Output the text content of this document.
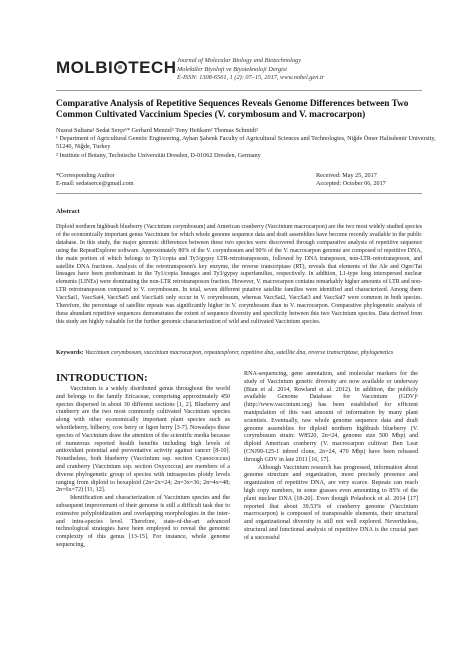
MOLBI TECH Journal of Molecular Biology and Biotechnology
Moleküler Biyoloji ve Biyoteknoloji Dergisi
E-ISSN: 1308-6561, 1 (2): 07–15, 2017, www.nobel.gen.tr
Comparative Analysis of Repetitive Sequences Reveals Genome Differences between Two Common Cultivated Vaccinium Species (V. corymbosum and V. macrocarpon)
Nusrat Sultana¹ Sedat Serçe¹* Gerhard Menzel² Tony Heitkam² Thomas Schmidt²
¹ Department of Agricultural Genetic Engineering, Ayhan Şahenk Faculty of Agricultural Sciences and Technologies, Niğde Ömer Halisdemir University, 51240, Niğde, Turkey
² Institute of Botany, Technische Universität Dresden, D-01062 Dresden, Germany
*Corresponding Author
E-mail: sedatserce@gmail.com
Received: May 25, 2017
Accepted: October 06, 2017
Abstract
Diploid northern highbush blueberry (Vaccinium corymbosum) and American cranberry (Vaccinium macrocarpon) are the two most widely studied species of the economically important genus Vaccinium for which whole genome sequence data and draft assemblies have become recently available in the public database. In this study, the major genomic differences between these two species were discovered through comparative analysis of repetitive sequence using the RepeatExplorer software. Approximately 80% of the V. corymbosum and 90% of the V. macrocarpon genome are composed of repetitive DNA, the main portion of which belongs to Ty1/copia and Ty3/gypsy LTR-retrotransposons, followed by DNA transposon, non-LTR-retrotransposon, and satellite DNA fractions. Analysis of the retrotransposon's key enzyme, the reverse transcriptase (RT), reveals that elements of the Ale and Ogre/Tat lineages have been predominant in the Ty1/copia lineages and Ty3/gypsy superfamilies, respectively. In addition, L1-type long interspersed nuclear elements (LINEs) were dominating the non-LTR retrotransposon fraction. However, V. macrocarpon contains remarkably higher amounts of LTR and non-LTR retrotransposon compared to V. corymbosum. In total, seven different putative satellite families were identified and characterized. Among them VaccSat1, VaccSat4, VaccSat5 and VaccSat6 only occur in V. corymbosum, whereas VaccSat2, VaccSat3 and VaccSat7 were common in both species. Therefore, the percentage of satellite repeats was significantly higher in V. corymbosum than in V. macrocarpon. Comparative phylogenetic analysis of these abundant repetitive sequences demonstrates the extent of sequence diversity and specificity between this two Vaccinium species. Data derived from this study are highly valuable for the further genomic characterization of wild and cultivated Vaccinium species.
Keywords: Vaccinium corymbosum, vaccinium macrocarpon, repeatexplorer, repetitive dna, satellite dna, reverse transcriptase, phylogenetics
INTRODUCTION:

Vaccinium is a widely distributed genus throughout the world and belongs to the family Ericaceae, comprising approximately 450 species dispersed in about 30 different sections [1, 2]. Blueberry and cranberry are the two most commonly cultivated Vaccinium species along with other economically important plant species such as whortleberry, bilberry, cow berry or ligon berry [3-7]. Nowadays these species of Vaccinium draw the attention of the scientific media because of numerous reported health benefits including high levels of antioxidant potential and preventative activity against cancer [8-10]. Nonetheless, both blueberry (Vaccinium ssp. section Cyanococcus) and cranberry (Vaccinium ssp. section Oxycoccus) are members of a diverse phylogenetic group of species with intraspecies ploidy levels ranging from diploid to hexaploid (2n=2x=24; 2n=3x=36; 2n=4x=48; 2n=6x=72) [11, 12].

Identification and characterization of Vaccinium species and the subsequent improvement of their genome is still a difficult task due to extensive polyploidization and overlapping morphologies in the inter- and intra-species level. Therefore, state-of-the-art advanced technological strategies have been employed to reveal the genomic complexity of this genus [13-15]. For instance, whole genome sequencing,

RNA-sequencing, gene annotation, and molecular markers for the study of Vaccinium genetic diversity are now available or underway (Bian et al. 2014, Rowland et al. 2012). In addition, the publicly available Genome Database for Vaccinium (GDV)¹ (http://www.vaccinium.org) has been established for efficient manipulation of this vast amount of information by many plant scientists. Eventually, raw whole genome sequence data and draft genome assemblies for diploid northern highbush blueberry (V. corymbosum strain: W8520, 2n=24, genome size 500 Mbp) and diploid American cranberry (V. macrocarpon cultivar: Ben Lear (CNJ99-125-1 inbred clone, 2n=24, 470 Mbp) have been released through GDV in late 2011 [16, 17].

Although Vaccinium research has progressed, information about genome structure and organization, more precisely presence and organization of repetitive DNA, are very scarce. Repeats can reach high copy numbers, in some grasses even amounting to 85% of the plant nuclear DNA [18-20]. Even though Polashock et al. 2014 [17] reported that about 39.53% of cranberry genome (Vaccinium macrocarpon) is composed of transposable elements, their structural and organizational diversity is still not well explored. Nevertheless, structural and functional analysis of repetitive DNA is the crucial part of a successful
